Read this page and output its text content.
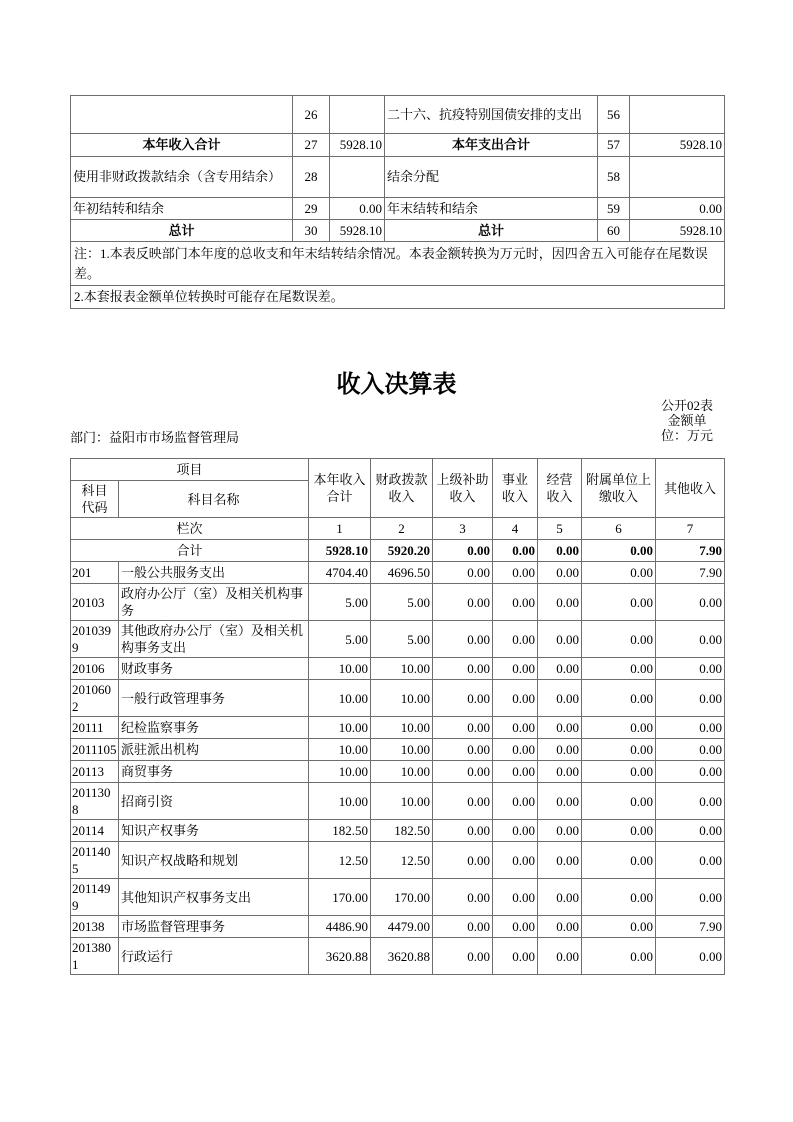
	26		二十六、抗疫特别国债安排的支出	56	
本年收入合计	27	5928.10	本年支出合计	57	5928.10
使用非财政拨款结余（含专用结余）	28		结余分配	58	
年初结转和结余	29	0.00	年末结转和结余	59	0.00
总计	30	5928.10	总计	60	5928.10
注：1.本表反映部门本年度的总收支和年末结转结余情况。本表金额转换为万元时，因四舍五入可能存在尾数误差。					
2.本套报表金额单位转换时可能存在尾数误差。					
收入决算表
公开02表
金额单位：万元
部门：益阳市市场监督管理局
项目		本年收入合计	财政拨款收入	上级补助收入	事业收入	经营收入	附属单位上缴收入	其他收入
科目代码	科目名称							
栏次		1	2	3	4	5	6	7
合计		5928.10	5920.20	0.00	0.00	0.00	0.00	7.90
201	一般公共服务支出	4704.40	4696.50	0.00	0.00	0.00	0.00	7.90
20103	政府办公厅（室）及相关机构事务	5.00	5.00	0.00	0.00	0.00	0.00	0.00
2010399	其他政府办公厅（室）及相关机构事务支出	5.00	5.00	0.00	0.00	0.00	0.00	0.00
20106	财政事务	10.00	10.00	0.00	0.00	0.00	0.00	0.00
2010602	一般行政管理事务	10.00	10.00	0.00	0.00	0.00	0.00	0.00
20111	纪检监察事务	10.00	10.00	0.00	0.00	0.00	0.00	0.00
2011105	派驻派出机构	10.00	10.00	0.00	0.00	0.00	0.00	0.00
20113	商贸事务	10.00	10.00	0.00	0.00	0.00	0.00	0.00
2011308	招商引资	10.00	10.00	0.00	0.00	0.00	0.00	0.00
20114	知识产权事务	182.50	182.50	0.00	0.00	0.00	0.00	0.00
2011405	知识产权战略和规划	12.50	12.50	0.00	0.00	0.00	0.00	0.00
2011499	其他知识产权事务支出	170.00	170.00	0.00	0.00	0.00	0.00	0.00
20138	市场监督管理事务	4486.90	4479.00	0.00	0.00	0.00	0.00	7.90
2013801	行政运行	3620.88	3620.88	0.00	0.00	0.00	0.00	0.00
